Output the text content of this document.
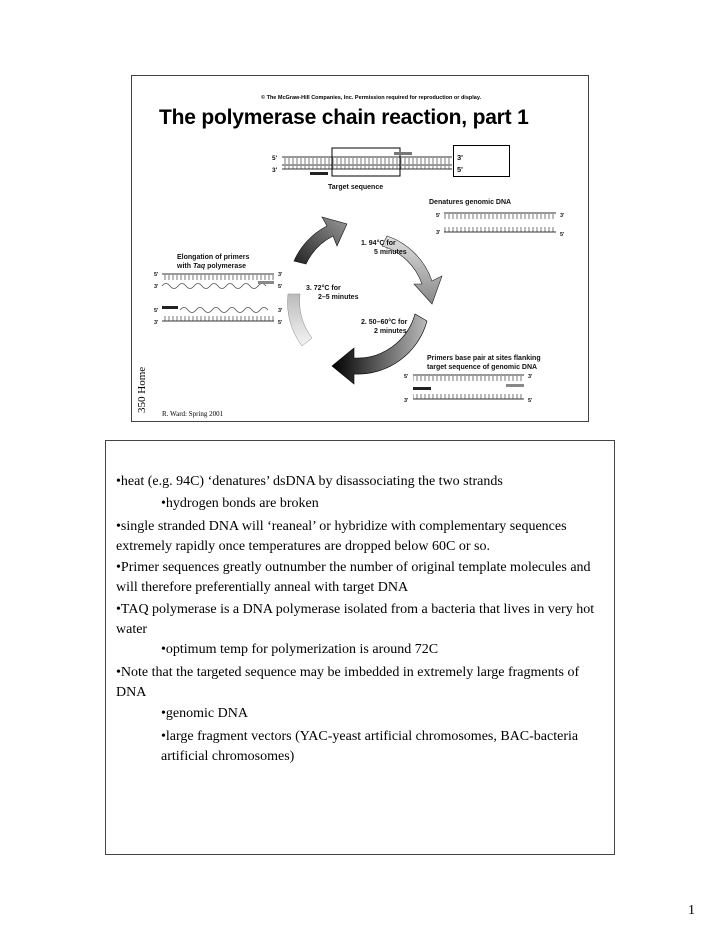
© The McGraw-Hill Companies, Inc. Permission required for reproduction or display.
The polymerase chain reaction, part 1
5'
3'
3'
5'
Target sequence
Denatures genomic DNA
5'	3'
3'	5'
1. 94°C for
5 minutes
2. 50–60°C for
2 minutes
3. 72°C for
2–5 minutes
Elongation of primers
with Taq polymerase
5'	3'
3'	5'
5'	3'
3'	5'
Primers base pair at sites flanking
target sequence of genomic DNA
5'	3'
3'	5'
350 Home
R. Ward: Spring 2001

•heat (e.g. 94C) ‘denatures’ dsDNA by disassociating the two strands

•hydrogen bonds are broken

•single stranded DNA will ‘reaneal’ or hybridize with complementary sequences extremely rapidly once temperatures are dropped below 60C or so.

•Primer sequences greatly outnumber the number of original template molecules and will therefore preferentially anneal with target DNA

•TAQ polymerase is a DNA polymerase isolated from a bacteria that lives in very hot water

•optimum temp for polymerization is around 72C

•Note that the targeted sequence may be imbedded in extremely large fragments of DNA

•genomic DNA

•large fragment vectors (YAC-yeast artificial chromosomes, BAC-bacteria artificial chromosomes)

1
